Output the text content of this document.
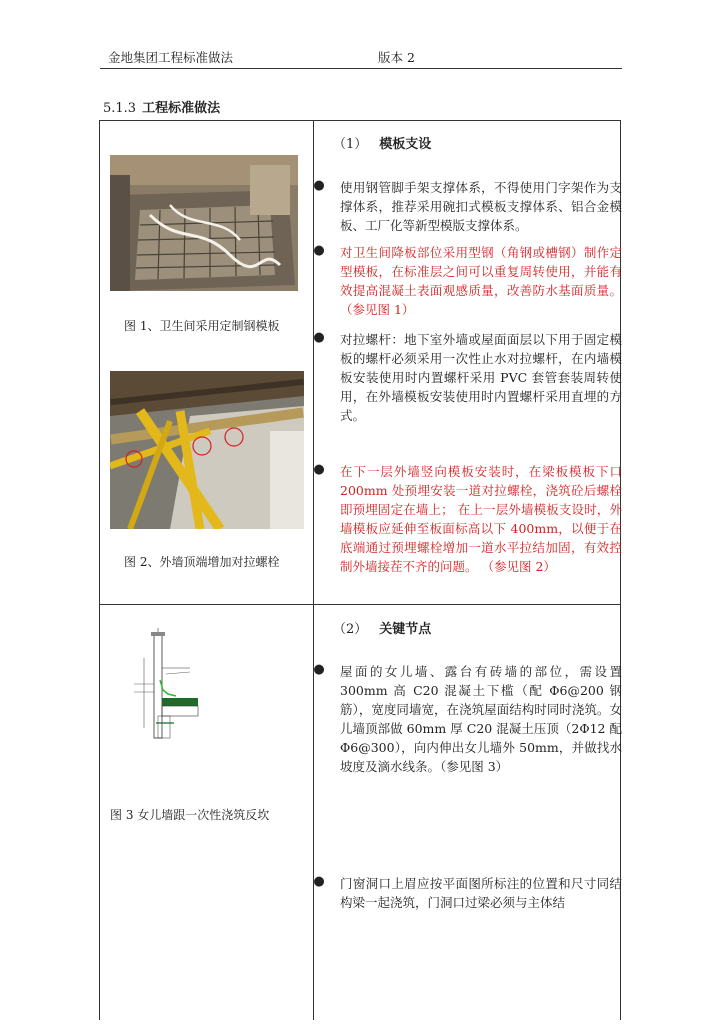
金地集团工程标准做法	版本 2
5.1.3 工程标准做法
图 1、卫生间采用定制钢模板
图 2、外墙顶端增加对拉螺栓
图 3 女儿墙跟一次性浇筑反坎
（1） 模板支设
● 使用钢管脚手架支撑体系，不得使用门字架作为支撑体系，推荐采用碗扣式模板支撑体系、铝合金模板、工厂化等新型模版支撑体系。
● 对卫生间降板部位采用型钢（角钢或槽钢）制作定型模板，在标准层之间可以重复周转使用，并能有效提高混凝土表面观感质量，改善防水基面质量。（参见图 1）
● 对拉螺杆：地下室外墙或屋面面层以下用于固定模板的螺杆必须采用一次性止水对拉螺杆，在内墙模板安装使用时内置螺杆采用 PVC 套管套装周转使用，在外墙模板安装使用时内置螺杆采用直埋的方式。
● 在下一层外墙竖向模板安装时，在梁板模板下口 200mm 处预埋安装一道对拉螺栓，浇筑砼后螺栓即预埋固定在墙上； 在上一层外墙模板支设时，外墙模板应延伸至板面标高以下 400mm，以便于在底端通过预埋螺栓增加一道水平拉结加固，有效控制外墙接茬不齐的问题。 （参见图 2）
（2） 关键节点
● 屋面的女儿墙、露台有砖墙的部位，需设置 300mm 高 C20 混凝土下槛（配 Φ6@200 钢筋），宽度同墙宽，在浇筑屋面结构时同时浇筑。女儿墙顶部做 60mm 厚 C20 混凝土压顶（2Φ12 配 Φ6@300），向内伸出女儿墙外 50mm，并做找水坡度及滴水线条。（参见图 3）
● 门窗洞口上眉应按平面图所标注的位置和尺寸同结构梁一起浇筑，门洞口过梁必须与主体结
